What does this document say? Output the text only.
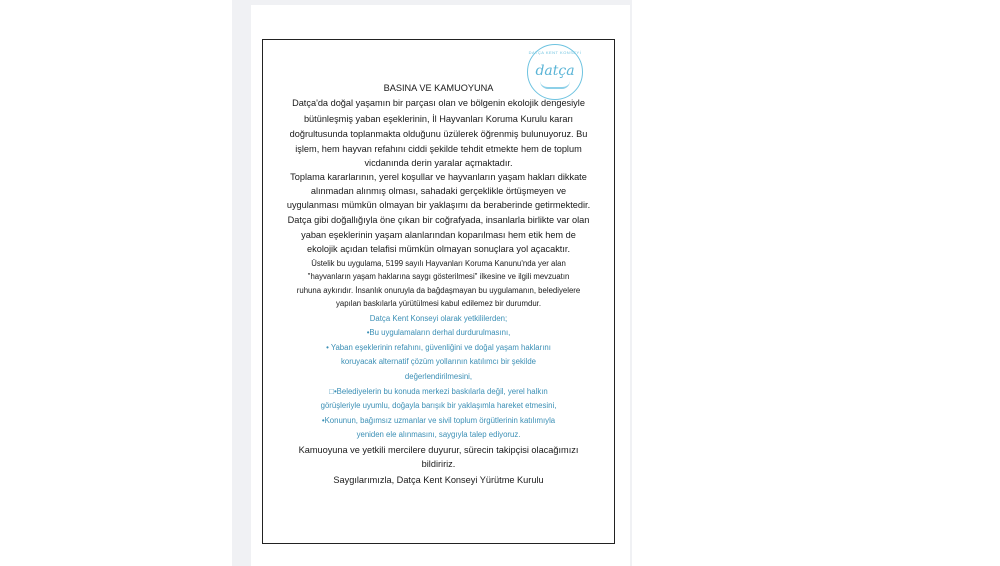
DATÇA KENT KONSEYİ
datça
BASINA VE KAMUOYUNA
Datça'da doğal yaşamın bir parçası olan ve bölgenin ekolojik dengesiyle
bütünleşmiş yaban eşeklerinin, İl Hayvanları Koruma Kurulu kararı
doğrultusunda toplanmakta olduğunu üzülerek öğrenmiş bulunuyoruz. Bu
işlem, hem hayvan refahını ciddi şekilde tehdit etmekte hem de toplum
vicdanında derin yaralar açmaktadır.
Toplama kararlarının, yerel koşullar ve hayvanların yaşam hakları dikkate
alınmadan alınmış olması, sahadaki gerçeklikle örtüşmeyen ve
uygulanması mümkün olmayan bir yaklaşımı da beraberinde getirmektedir.
Datça gibi doğallığıyla öne çıkan bir coğrafyada, insanlarla birlikte var olan
yaban eşeklerinin yaşam alanlarından koparılması hem etik hem de
ekolojik açıdan telafisi mümkün olmayan sonuçlara yol açacaktır.
Üstelik bu uygulama, 5199 sayılı Hayvanları Koruma Kanunu'nda yer alan
"hayvanların yaşam haklarına saygı gösterilmesi" ilkesine ve ilgili mevzuatın
ruhuna aykırıdır. İnsanlık onuruyla da bağdaşmayan bu uygulamanın, belediyelere
yapılan baskılarla yürütülmesi kabul edilemez bir durumdur.
Datça Kent Konseyi olarak yetkililerden;
•Bu uygulamaların derhal durdurulmasını,
• Yaban eşeklerinin refahını, güvenliğini ve doğal yaşam haklarını
koruyacak alternatif çözüm yollarının katılımcı bir şekilde
değerlendirilmesini,
□•Belediyelerin bu konuda merkezi baskılarla değil, yerel halkın
görüşleriyle uyumlu, doğayla barışık bir yaklaşımla hareket etmesini,
•Konunun, bağımsız uzmanlar ve sivil toplum örgütlerinin katılımıyla
yeniden ele alınmasını, saygıyla talep ediyoruz.
Kamuoyuna ve yetkili mercilere duyurur, sürecin takipçisi olacağımızı
bildiririz.
Saygılarımızla, Datça Kent Konseyi Yürütme Kurulu
